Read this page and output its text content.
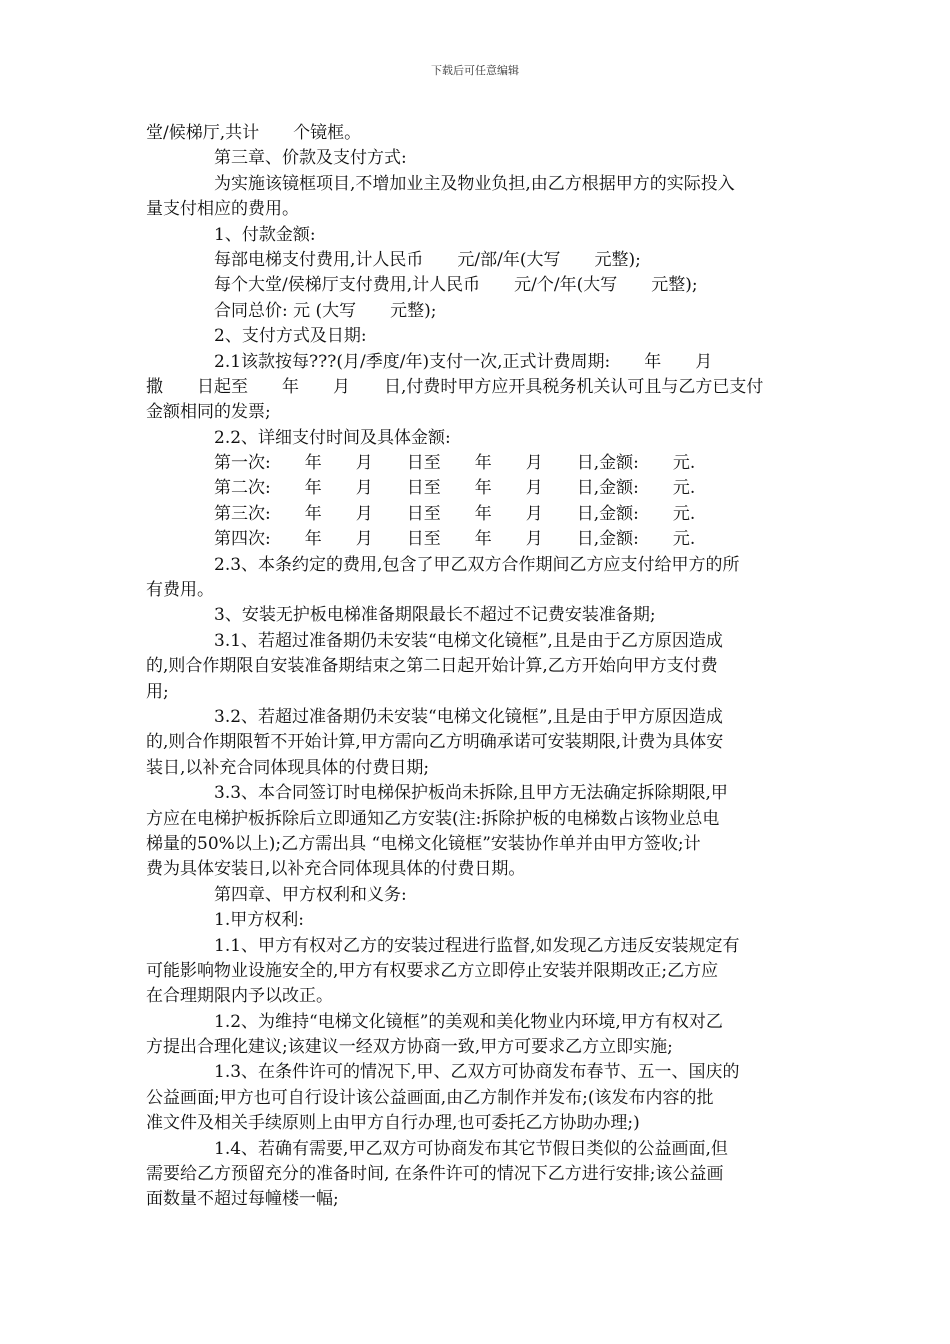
下载后可任意编辑
堂/候梯厅,共计　　个镜框。
第三章、价款及支付方式:
为实施该镜框项目,不增加业主及物业负担,由乙方根据甲方的实际投入
量支付相应的费用。
1、付款金额:
每部电梯支付费用,计人民币　　元/部/年(大写　　元整);
每个大堂/侯梯厅支付费用,计人民币　　元/个/年(大写　　元整);
合同总价: 元 (大写　　元整);
2、支付方式及日期:
2.1该款按每???(月/季度/年)支付一次,正式计费周期:　　年　　月
撒　　日起至　　年　　月　　日,付费时甲方应开具税务机关认可且与乙方已支付
金额相同的发票;
2.2、详细支付时间及具体金额:
第一次:　　年　　月　　日至　　年　　月　　日,金额:　　元.
第二次:　　年　　月　　日至　　年　　月　　日,金额:　　元.
第三次:　　年　　月　　日至　　年　　月　　日,金额:　　元.
第四次:　　年　　月　　日至　　年　　月　　日,金额:　　元.
2.3、本条约定的费用,包含了甲乙双方合作期间乙方应支付给甲方的所
有费用。
3、安装无护板电梯准备期限最长不超过不记费安装准备期;
3.1、若超过准备期仍未安装“电梯文化镜框”,且是由于乙方原因造成
的,则合作期限自安装准备期结束之第二日起开始计算,乙方开始向甲方支付费
用;
3.2、若超过准备期仍未安装“电梯文化镜框”,且是由于甲方原因造成
的,则合作期限暂不开始计算,甲方需向乙方明确承诺可安装期限,计费为具体安
装日,以补充合同体现具体的付费日期;
3.3、本合同签订时电梯保护板尚未拆除,且甲方无法确定拆除期限,甲
方应在电梯护板拆除后立即通知乙方安装(注:拆除护板的电梯数占该物业总电
梯量的50%以上);乙方需出具 “电梯文化镜框”安装协作单并由甲方签收;计
费为具体安装日,以补充合同体现具体的付费日期。
第四章、甲方权利和义务:
1.甲方权利:
1.1、甲方有权对乙方的安装过程进行监督,如发现乙方违反安装规定有
可能影响物业设施安全的,甲方有权要求乙方立即停止安装并限期改正;乙方应
在合理期限内予以改正。
1.2、为维持“电梯文化镜框”的美观和美化物业内环境,甲方有权对乙
方提出合理化建议;该建议一经双方协商一致,甲方可要求乙方立即实施;
1.3、在条件许可的情况下,甲、乙双方可协商发布春节、五一、国庆的
公益画面;甲方也可自行设计该公益画面,由乙方制作并发布;(该发布内容的批
准文件及相关手续原则上由甲方自行办理,也可委托乙方协助办理;)
1.4、若确有需要,甲乙双方可协商发布其它节假日类似的公益画面,但
需要给乙方预留充分的准备时间, 在条件许可的情况下乙方进行安排;该公益画
面数量不超过每幢楼一幅;
